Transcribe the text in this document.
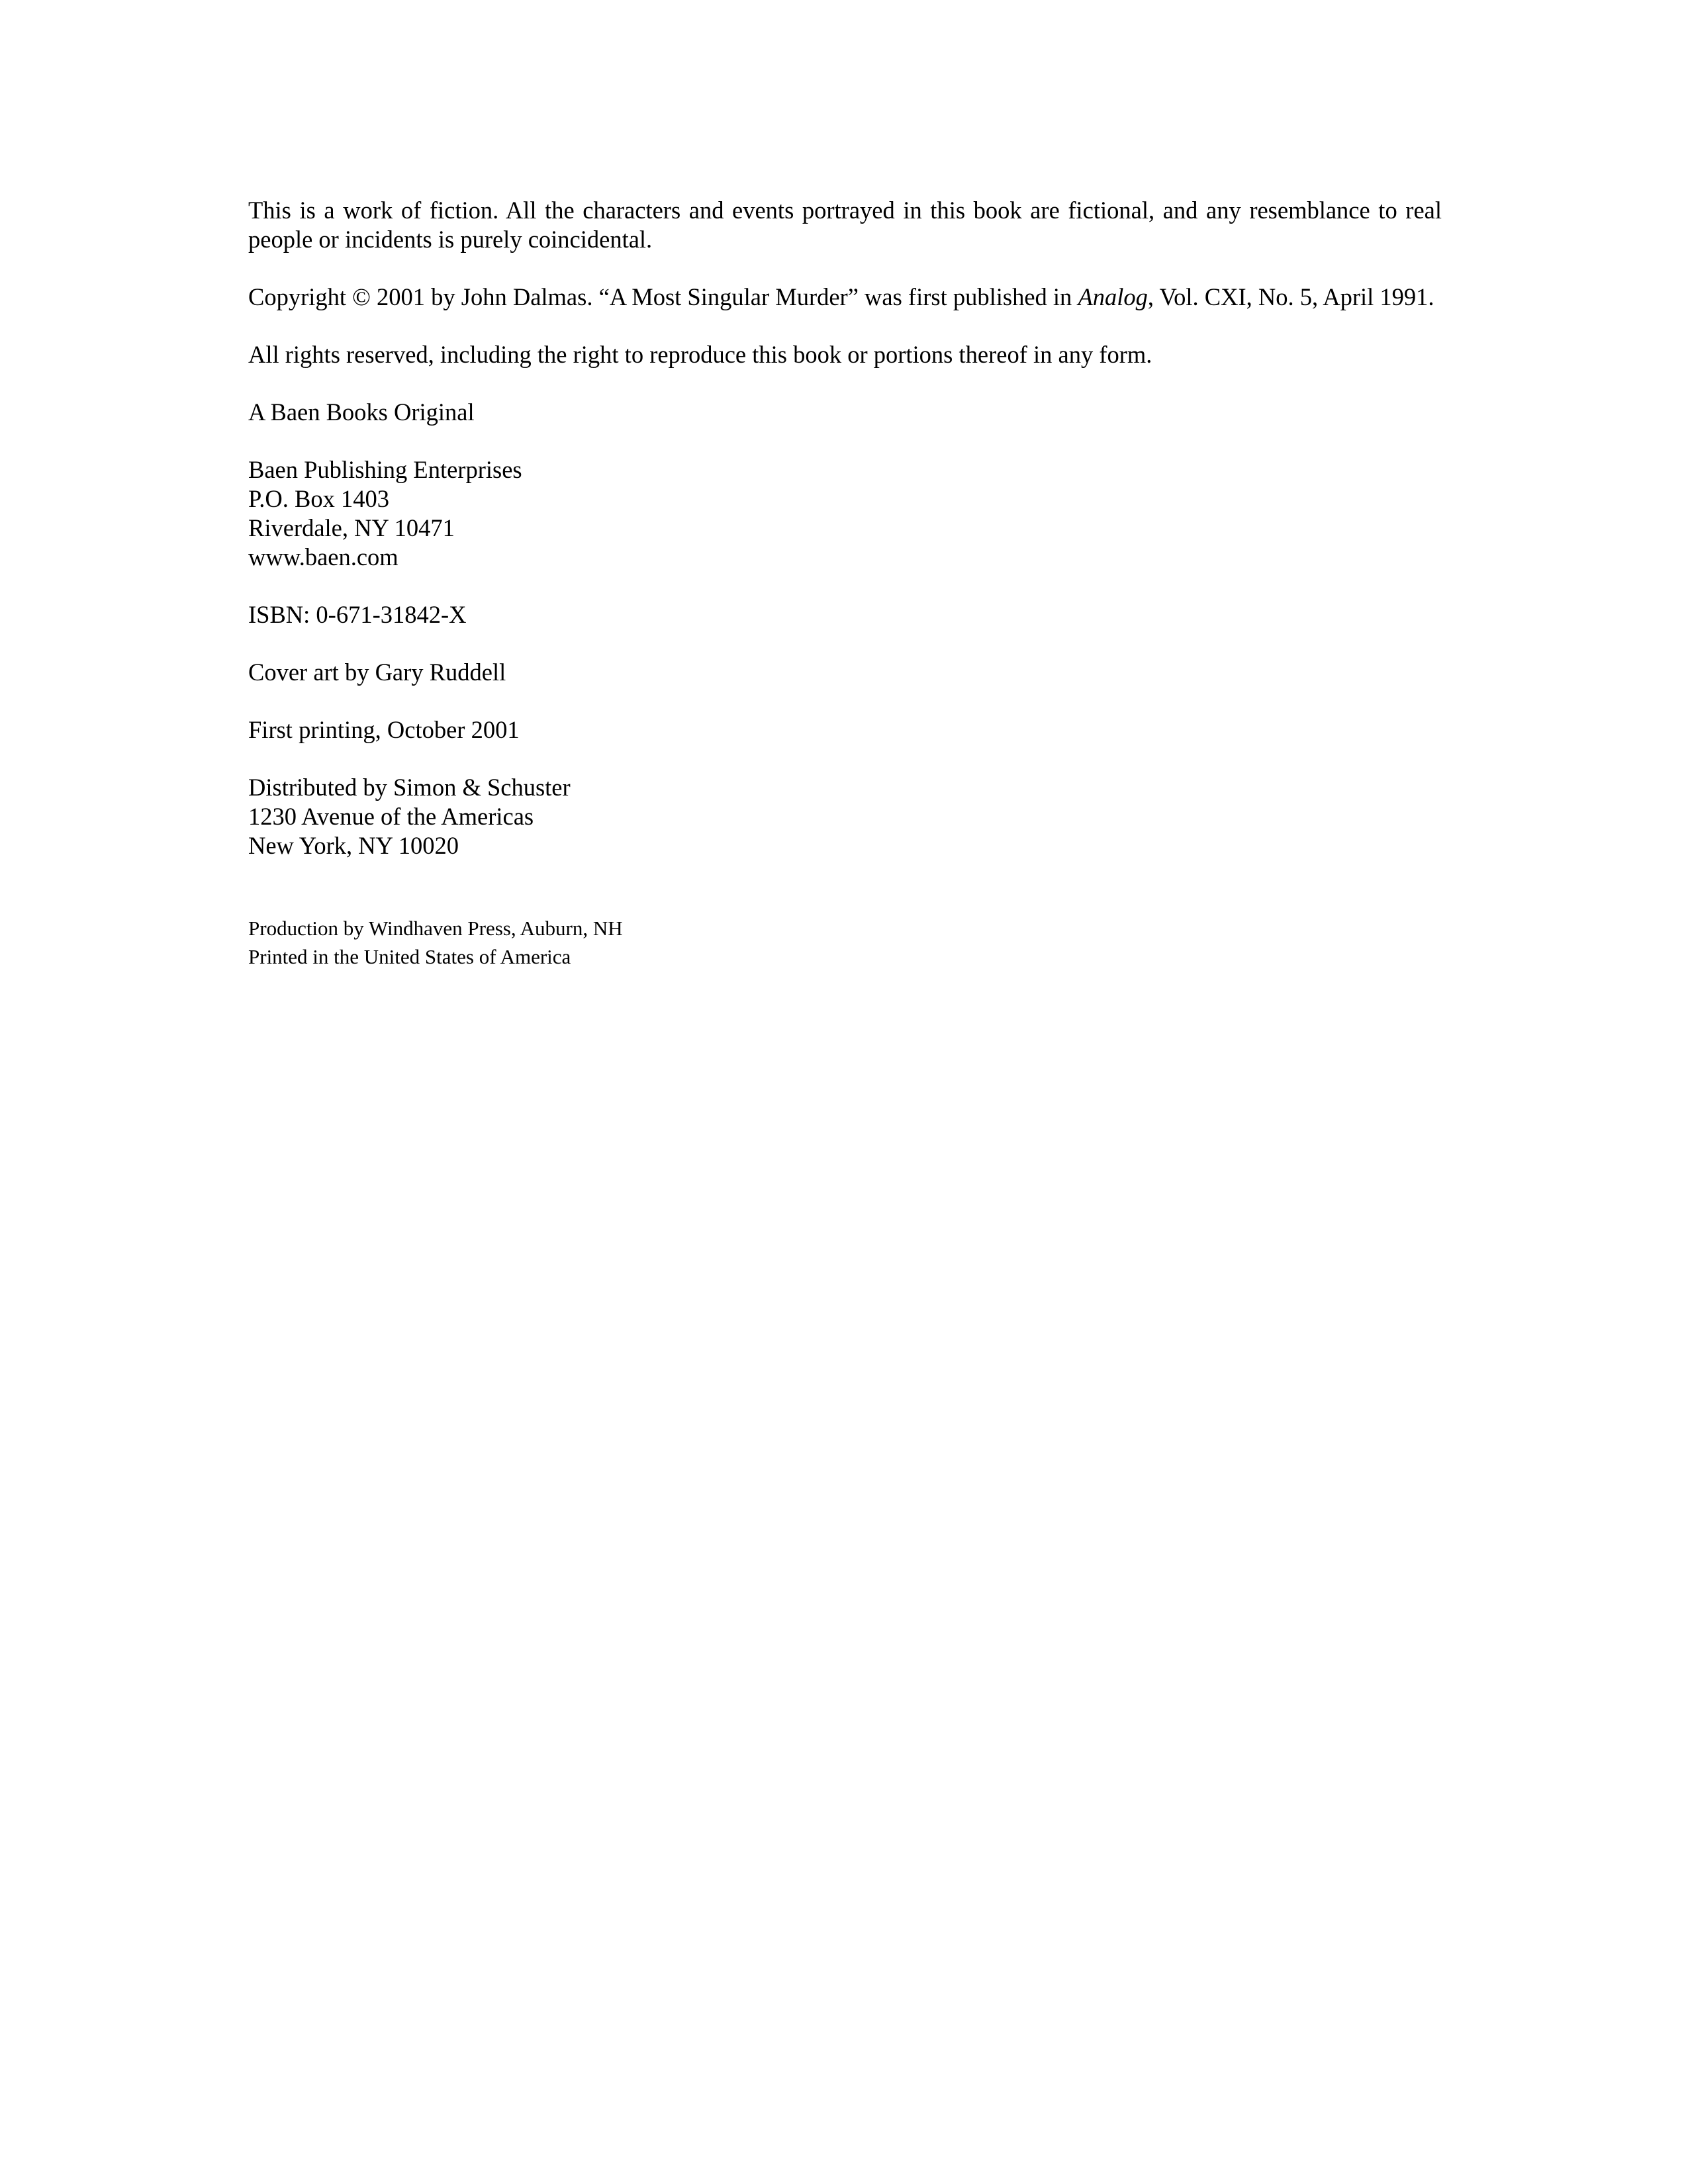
This is a work of fiction. All the characters and events portrayed in this book are fictional, and any resemblance to real people or incidents is purely coincidental.

Copyright © 2001 by John Dalmas. “A Most Singular Murder” was first published in Analog, Vol. CXI, No. 5, April 1991.

All rights reserved, including the right to reproduce this book or portions thereof in any form.

A Baen Books Original

Baen Publishing Enterprises
P.O. Box 1403
Riverdale, NY 10471
www.baen.com

ISBN: 0-671-31842-X

Cover art by Gary Ruddell

First printing, October 2001

Distributed by Simon & Schuster
1230 Avenue of the Americas
New York, NY 10020

Production by Windhaven Press, Auburn, NH
Printed in the United States of America
